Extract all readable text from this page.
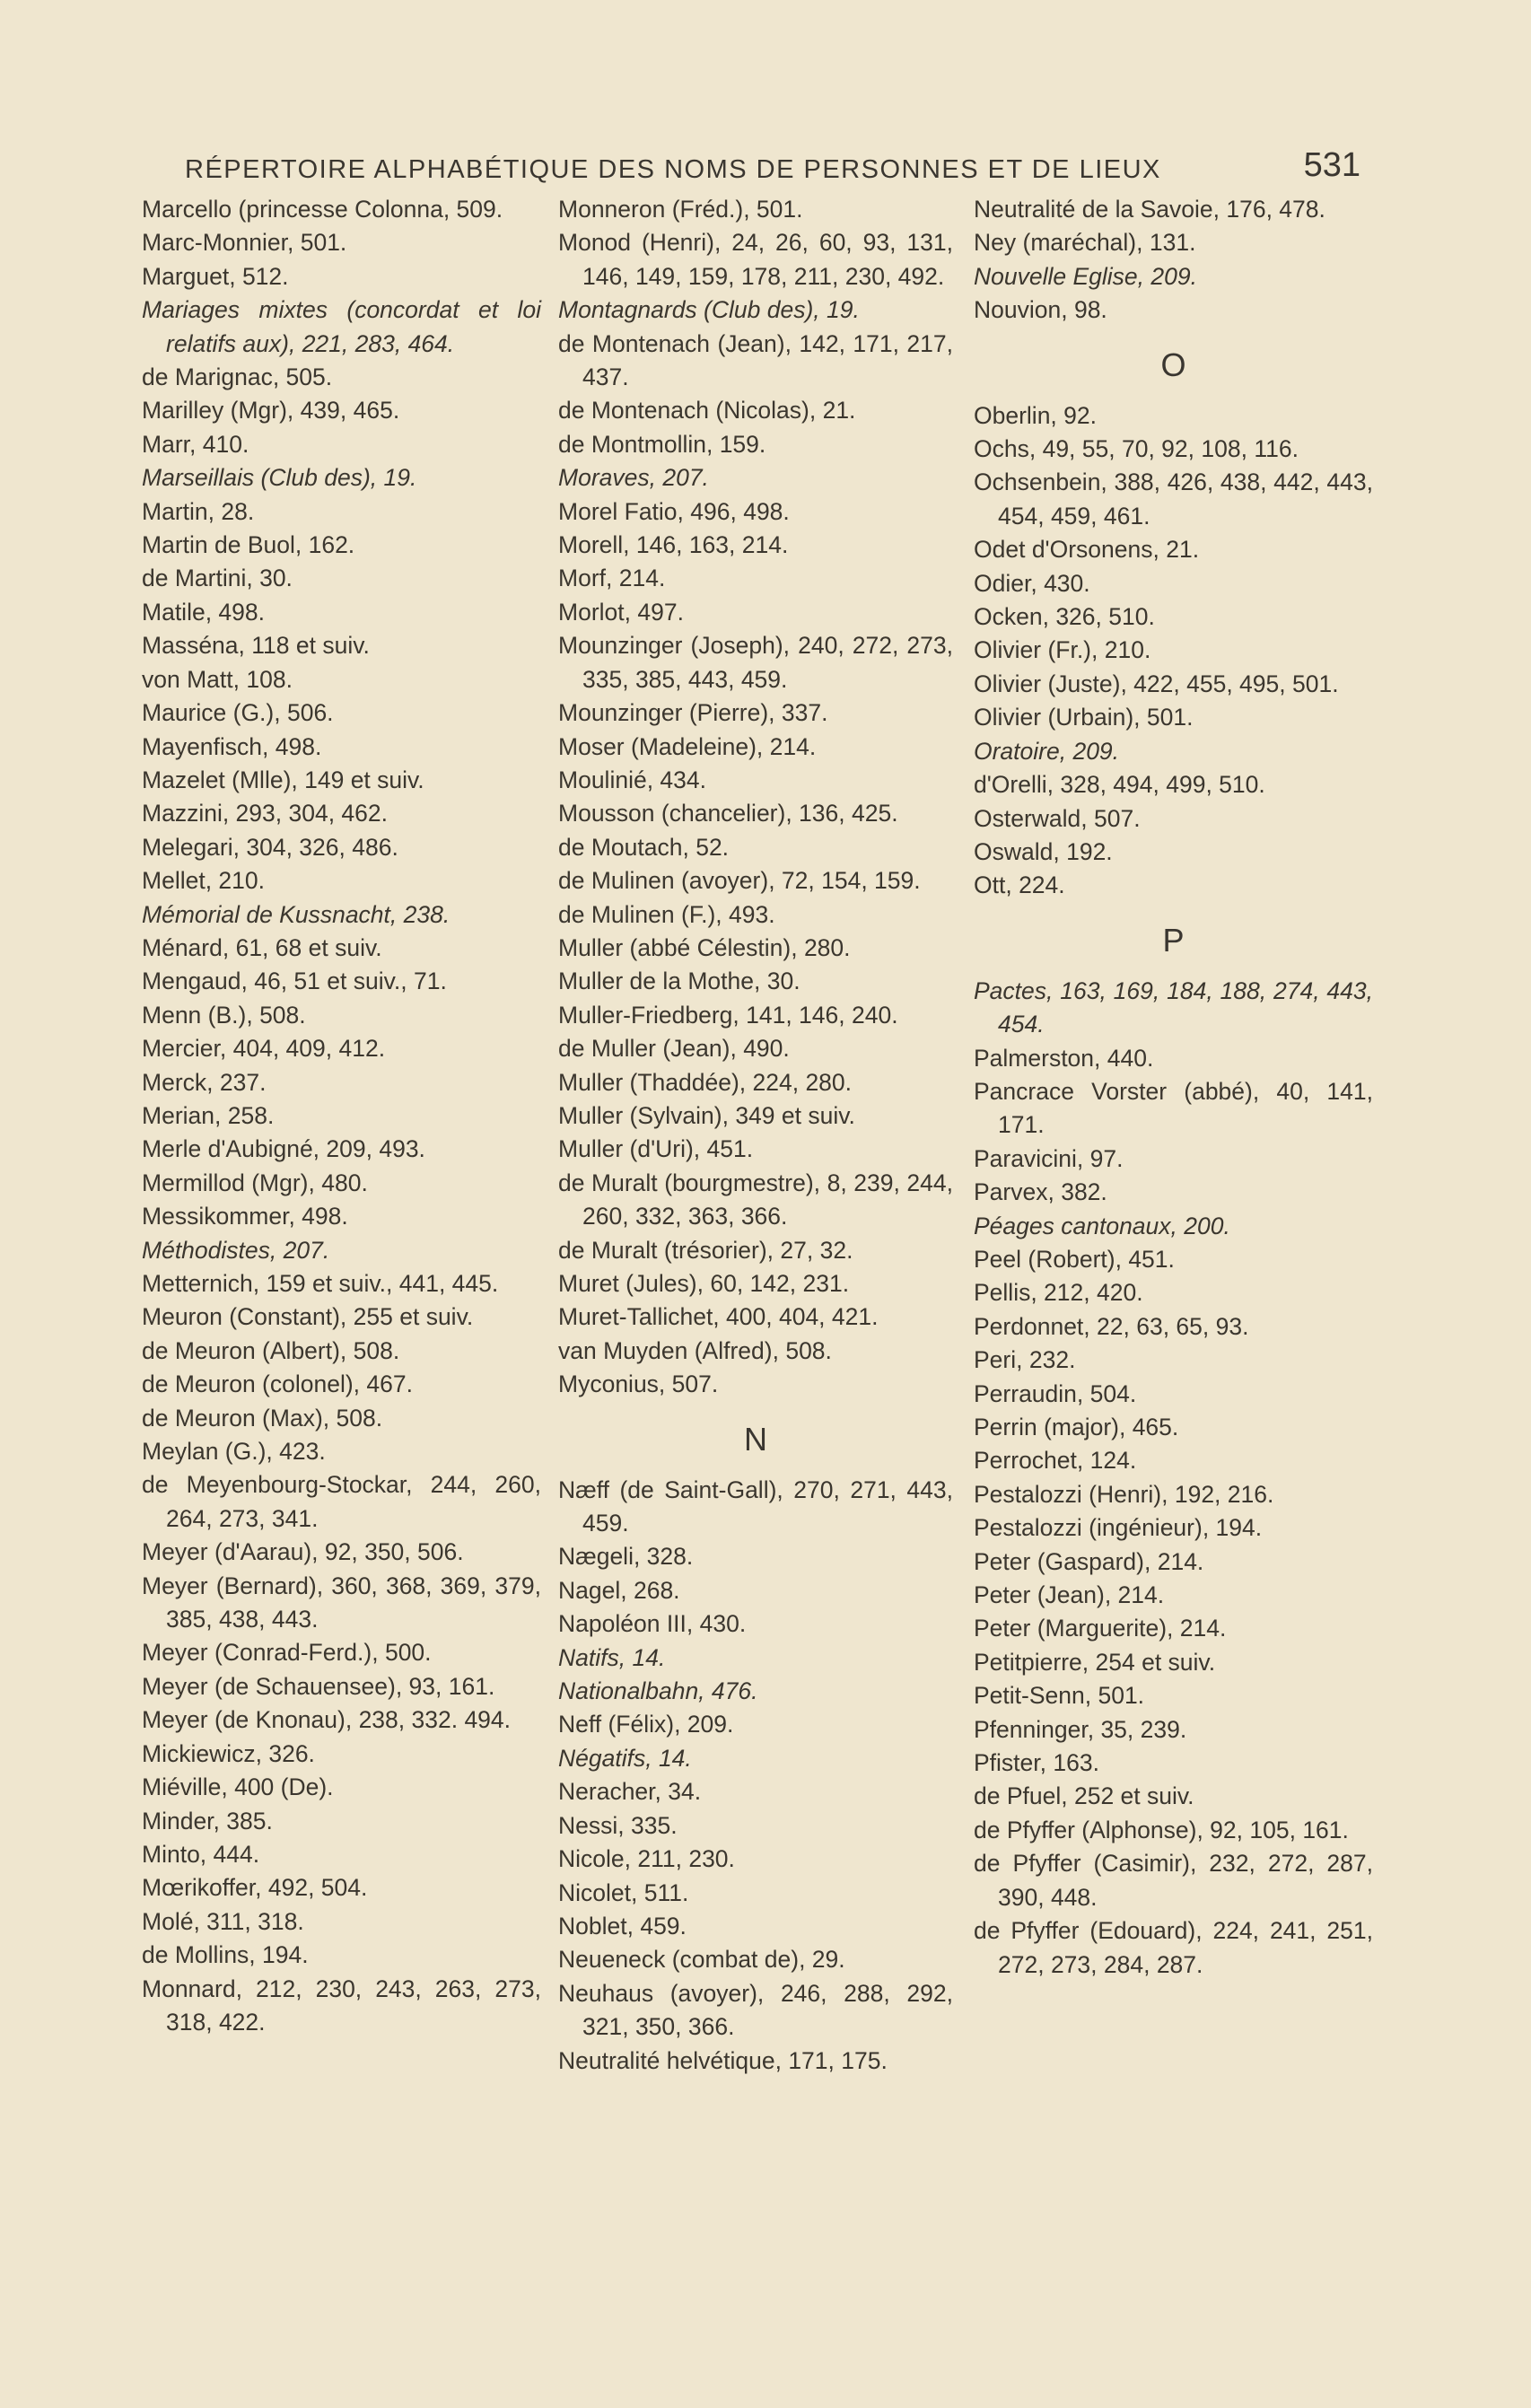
RÉPERTOIRE ALPHABÉTIQUE DES NOMS DE PERSONNES ET DE LIEUX	531
Marcello (princesse Colonna, 509.
Marc-Monnier, 501.
Marguet, 512.
Mariages mixtes (concordat et loi relatifs aux), 221, 283, 464.
de Marignac, 505.
Marilley (Mgr), 439, 465.
Marr, 410.
Marseillais (Club des), 19.
Martin, 28.
Martin de Buol, 162.
de Martini, 30.
Matile, 498.
Masséna, 118 et suiv.
von Matt, 108.
Maurice (G.), 506.
Mayenfisch, 498.
Mazelet (Mlle), 149 et suiv.
Mazzini, 293, 304, 462.
Melegari, 304, 326, 486.
Mellet, 210.
Mémorial de Kussnacht, 238.
Ménard, 61, 68 et suiv.
Mengaud, 46, 51 et suiv., 71.
Menn (B.), 508.
Mercier, 404, 409, 412.
Merck, 237.
Merian, 258.
Merle d'Aubigné, 209, 493.
Mermillod (Mgr), 480.
Messikommer, 498.
Méthodistes, 207.
Metternich, 159 et suiv., 441, 445.
Meuron (Constant), 255 et suiv.
de Meuron (Albert), 508.
de Meuron (colonel), 467.
de Meuron (Max), 508.
Meylan (G.), 423.
de Meyenbourg-Stockar, 244, 260, 264, 273, 341.
Meyer (d'Aarau), 92, 350, 506.
Meyer (Bernard), 360, 368, 369, 379, 385, 438, 443.
Meyer (Conrad-Ferd.), 500.
Meyer (de Schauensee), 93, 161.
Meyer (de Knonau), 238, 332. 494.
Mickiewicz, 326.
Miéville, 400 (De).
Minder, 385.
Minto, 444.
Mœrikoffer, 492, 504.
Molé, 311, 318.
de Mollins, 194.
Monnard, 212, 230, 243, 263, 273, 318, 422.
Monneron (Fréd.), 501.
Monod (Henri), 24, 26, 60, 93, 131, 146, 149, 159, 178, 211, 230, 492.
Montagnards (Club des), 19.
de Montenach (Jean), 142, 171, 217, 437.
de Montenach (Nicolas), 21.
de Montmollin, 159.
Moraves, 207.
Morel Fatio, 496, 498.
Morell, 146, 163, 214.
Morf, 214.
Morlot, 497.
Mounzinger (Joseph), 240, 272, 273, 335, 385, 443, 459.
Mounzinger (Pierre), 337.
Moser (Madeleine), 214.
Moulinié, 434.
Mousson (chancelier), 136, 425.
de Moutach, 52.
de Mulinen (avoyer), 72, 154, 159.
de Mulinen (F.), 493.
Muller (abbé Célestin), 280.
Muller de la Mothe, 30.
Muller-Friedberg, 141, 146, 240.
de Muller (Jean), 490.
Muller (Thaddée), 224, 280.
Muller (Sylvain), 349 et suiv.
Muller (d'Uri), 451.
de Muralt (bourgmestre), 8, 239, 244, 260, 332, 363, 366.
de Muralt (trésorier), 27, 32.
Muret (Jules), 60, 142, 231.
Muret-Tallichet, 400, 404, 421.
van Muyden (Alfred), 508.
Myconius, 507.
N
Næff (de Saint-Gall), 270, 271, 443, 459.
Nægeli, 328.
Nagel, 268.
Napoléon III, 430.
Natifs, 14.
Nationalbahn, 476.
Neff (Félix), 209.
Négatifs, 14.
Neracher, 34.
Nessi, 335.
Nicole, 211, 230.
Nicolet, 511.
Noblet, 459.
Neueneck (combat de), 29.
Neuhaus (avoyer), 246, 288, 292, 321, 350, 366.
Neutralité helvétique, 171, 175.
Neutralité de la Savoie, 176, 478.
Ney (maréchal), 131.
Nouvelle Eglise, 209.
Nouvion, 98.
O
Oberlin, 92.
Ochs, 49, 55, 70, 92, 108, 116.
Ochsenbein, 388, 426, 438, 442, 443, 454, 459, 461.
Odet d'Orsonens, 21.
Odier, 430.
Ocken, 326, 510.
Olivier (Fr.), 210.
Olivier (Juste), 422, 455, 495, 501.
Olivier (Urbain), 501.
Oratoire, 209.
d'Orelli, 328, 494, 499, 510.
Osterwald, 507.
Oswald, 192.
Ott, 224.
P
Pactes, 163, 169, 184, 188, 274, 443, 454.
Palmerston, 440.
Pancrace Vorster (abbé), 40, 141, 171.
Paravicini, 97.
Parvex, 382.
Péages cantonaux, 200.
Peel (Robert), 451.
Pellis, 212, 420.
Perdonnet, 22, 63, 65, 93.
Peri, 232.
Perraudin, 504.
Perrin (major), 465.
Perrochet, 124.
Pestalozzi (Henri), 192, 216.
Pestalozzi (ingénieur), 194.
Peter (Gaspard), 214.
Peter (Jean), 214.
Peter (Marguerite), 214.
Petitpierre, 254 et suiv.
Petit-Senn, 501.
Pfenninger, 35, 239.
Pfister, 163.
de Pfuel, 252 et suiv.
de Pfyffer (Alphonse), 92, 105, 161.
de Pfyffer (Casimir), 232, 272, 287, 390, 448.
de Pfyffer (Edouard), 224, 241, 251, 272, 273, 284, 287.
